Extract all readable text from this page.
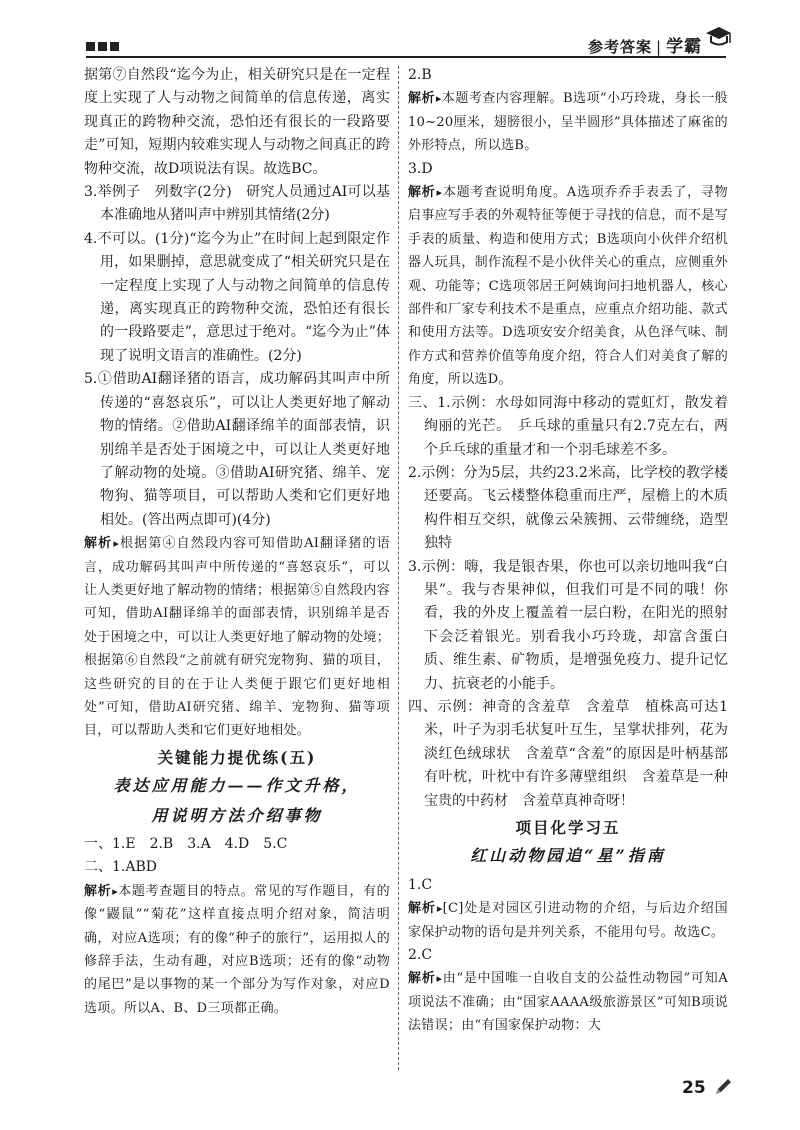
参考答案 | 学霸

据第⑦自然段“迄今为止，相关研究只是在一定程度上实现了人与动物之间简单的信息传递，离实现真正的跨物种交流，恐怕还有很长的一段路要走”可知，短期内较难实现人与动物之间真正的跨物种交流，故D项说法有误。故选BC。

3.举例子　列数字(2分)　研究人员通过AI可以基本准确地从猪叫声中辨别其情绪(2分)

4.不可以。(1分)“迄今为止”在时间上起到限定作用，如果删掉，意思就变成了“相关研究只是在一定程度上实现了人与动物之间简单的信息传递，离实现真正的跨物种交流，恐怕还有很长的一段路要走”，意思过于绝对。“迄今为止”体现了说明文语言的准确性。(2分)

5.①借助AI翻译猪的语言，成功解码其叫声中所传递的“喜怒哀乐”，可以让人类更好地了解动物的情绪。②借助AI翻译绵羊的面部表情，识别绵羊是否处于困境之中，可以让人类更好地了解动物的处境。③借助AI研究猪、绵羊、宠物狗、猫等项目，可以帮助人类和它们更好地相处。(答出两点即可)(4分)

解析 ▸ 根据第④自然段内容可知借助AI翻译猪的语言，成功解码其叫声中所传递的“喜怒哀乐”，可以让人类更好地了解动物的情绪；根据第⑤自然段内容可知，借助AI翻译绵羊的面部表情，识别绵羊是否处于困境之中，可以让人类更好地了解动物的处境；根据第⑥自然段“之前就有研究宠物狗、猫的项目，这些研究的目的在于让人类便于跟它们更好地相处”可知，借助AI研究猪、绵羊、宠物狗、猫等项目，可以帮助人类和它们更好地相处。

关键能力提优练(五)
表达应用能力——作文升格，
用说明方法介绍事物

一、1.E　2.B　3.A　4.D　5.C

二、1.ABD

解析 ▸ 本题考查题目的特点。常见的写作题目，有的像“鼹鼠”“菊花”这样直接点明介绍对象，简洁明确，对应A选项；有的像“种子的旅行”，运用拟人的修辞手法，生动有趣，对应B选项；还有的像“动物的尾巴”是以事物的某一个部分为写作对象，对应D选项。所以A、B、D三项都正确。

2.B

解析 ▸ 本题考查内容理解。B选项“小巧玲珑，身长一般10~20厘米，翅膀很小，呈半圆形”具体描述了麻雀的外形特点，所以选B。

3.D

解析 ▸ 本题考查说明角度。A选项乔乔手表丢了，寻物启事应写手表的外观特征等便于寻找的信息，而不是写手表的质量、构造和使用方式；B选项向小伙伴介绍机器人玩具，制作流程不是小伙伴关心的重点，应侧重外观、功能等；C选项邻居王阿姨询问扫地机器人，核心部件和厂家专利技术不是重点，应重点介绍功能、款式和使用方法等。D选项安安介绍美食，从色泽气味、制作方式和营养价值等角度介绍，符合人们对美食了解的角度，所以选D。

三、1.示例：水母如同海中移动的霓虹灯，散发着绚丽的光芒。　乒乓球的重量只有2.7克左右，两个乒乓球的重量才和一个羽毛球差不多。

2.示例：分为5层，共约23.2米高，比学校的教学楼还要高。飞云楼整体稳重而庄严，屋檐上的木质构件相互交织，就像云朵簇拥、云带缠绕，造型独特

3.示例：嗨，我是银杏果，你也可以亲切地叫我“白果”。我与杏果神似，但我们可是不同的哦！你看，我的外皮上覆盖着一层白粉，在阳光的照射下会泛着银光。别看我小巧玲珑，却富含蛋白质、维生素、矿物质，是增强免疫力、提升记忆力、抗衰老的小能手。

四、示例：神奇的含羞草　含羞草　植株高可达1米，叶子为羽毛状复叶互生，呈掌状排列，花为淡红色绒球状　含羞草“含羞”的原因是叶柄基部有叶枕，叶枕中有许多薄壁组织　含羞草是一种宝贵的中药材　含羞草真神奇呀！

项目化学习五
红山动物园追“星”指南

1.C

解析 ▸ [C]处是对园区引进动物的介绍，与后边介绍国家保护动物的语句是并列关系，不能用句号。故选C。

2.C

解析 ▸ 由“是中国唯一自收自支的公益性动物园”可知A项说法不准确；由“国家AAAA级旅游景区”可知B项说法错误；由“有国家保护动物：大

25
